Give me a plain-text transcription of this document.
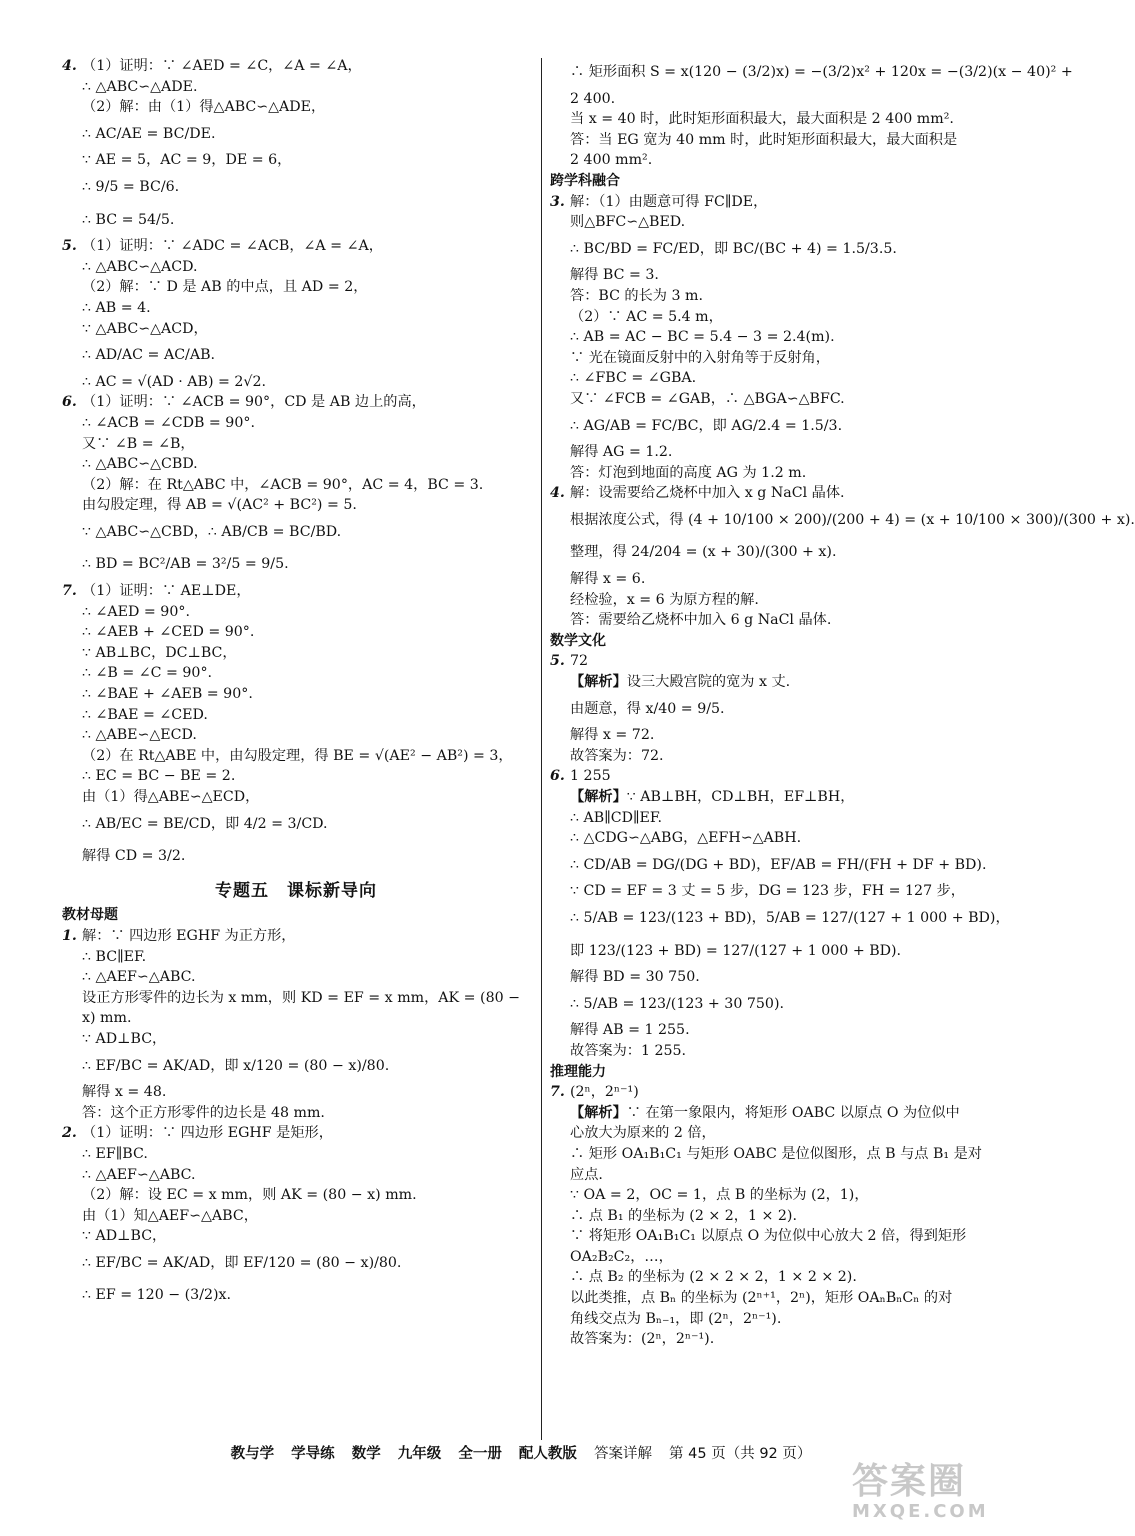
4. （1）证明：∵ ∠AED = ∠C，∠A = ∠A，
∴ △ABC∽△ADE.
（2）解：由（1）得△ABC∽△ADE，
∴ AC/AE = BC/DE.
∵ AE = 5，AC = 9，DE = 6，
∴ 9/5 = BC/6.
∴ BC = 54/5.
5. （1）证明：∵ ∠ADC = ∠ACB，∠A = ∠A，
∴ △ABC∽△ACD.
（2）解：∵ D 是 AB 的中点，且 AD = 2，
∴ AB = 4.
∵ △ABC∽△ACD，
∴ AD/AC = AC/AB.
∴ AC = √(AD · AB) = 2√2.
6. （1）证明：∵ ∠ACB = 90°，CD 是 AB 边上的高，
∴ ∠ACB = ∠CDB = 90°.
又∵ ∠B = ∠B，
∴ △ABC∽△CBD.
（2）解：在 Rt△ABC 中，∠ACB = 90°，AC = 4，BC = 3.
由勾股定理，得 AB = √(AC² + BC²) = 5.
∵ △ABC∽△CBD，∴ AB/CB = BC/BD.
∴ BD = BC²/AB = 3²/5 = 9/5.
7. （1）证明：∵ AE⊥DE，
∴ ∠AED = 90°.
∴ ∠AEB + ∠CED = 90°.
∵ AB⊥BC，DC⊥BC，
∴ ∠B = ∠C = 90°.
∴ ∠BAE + ∠AEB = 90°.
∴ ∠BAE = ∠CED.
∴ △ABE∽△ECD.
（2）在 Rt△ABE 中，由勾股定理，得 BE = √(AE² − AB²) = 3，
∴ EC = BC − BE = 2.
由（1）得△ABE∽△ECD，
∴ AB/EC = BE/CD，即 4/2 = 3/CD.
解得 CD = 3/2.
专题五　课标新导向
教材母题
1. 解：∵ 四边形 EGHF 为正方形，
∴ BC∥EF.
∴ △AEF∽△ABC.
设正方形零件的边长为 x mm，则 KD = EF = x mm，AK = (80 −
x) mm.
∵ AD⊥BC，
∴ EF/BC = AK/AD，即 x/120 = (80 − x)/80.
解得 x = 48.
答：这个正方形零件的边长是 48 mm.
2. （1）证明：∵ 四边形 EGHF 是矩形，
∴ EF∥BC.
∴ △AEF∽△ABC.
（2）解：设 EC = x mm，则 AK = (80 − x) mm.
由（1）知△AEF∽△ABC，
∵ AD⊥BC，
∴ EF/BC = AK/AD，即 EF/120 = (80 − x)/80.
∴ EF = 120 − (3/2)x.
∴ 矩形面积 S = x(120 − (3/2)x) = −(3/2)x² + 120x = −(3/2)(x − 40)² +
2 400.
当 x = 40 时，此时矩形面积最大，最大面积是 2 400 mm².
答：当 EG 宽为 40 mm 时，此时矩形面积最大，最大面积是
2 400 mm².
跨学科融合
3. 解：（1）由题意可得 FC∥DE，
则△BFC∽△BED.
∴ BC/BD = FC/ED，即 BC/(BC + 4) = 1.5/3.5.
解得 BC = 3.
答：BC 的长为 3 m.
（2）∵ AC = 5.4 m，
∴ AB = AC − BC = 5.4 − 3 = 2.4(m).
∵ 光在镜面反射中的入射角等于反射角，
∴ ∠FBC = ∠GBA.
又∵ ∠FCB = ∠GAB，∴ △BGA∽△BFC.
∴ AG/AB = FC/BC，即 AG/2.4 = 1.5/3.
解得 AG = 1.2.
答：灯泡到地面的高度 AG 为 1.2 m.
4. 解：设需要给乙烧杯中加入 x g NaCl 晶体.
根据浓度公式，得 (4 + 10/100 × 200)/(200 + 4) = (x + 10/100 × 300)/(300 + x).
整理，得 24/204 = (x + 30)/(300 + x).
解得 x = 6.
经检验，x = 6 为原方程的解.
答：需要给乙烧杯中加入 6 g NaCl 晶体.
数学文化
5. 72
【解析】设三大殿宫院的宽为 x 丈.
由题意，得 x/40 = 9/5.
解得 x = 72.
故答案为：72.
6. 1 255
【解析】∵ AB⊥BH，CD⊥BH，EF⊥BH，
∴ AB∥CD∥EF.
∴ △CDG∽△ABG，△EFH∽△ABH.
∴ CD/AB = DG/(DG + BD)，EF/AB = FH/(FH + DF + BD).
∵ CD = EF = 3 丈 = 5 步，DG = 123 步，FH = 127 步，
∴ 5/AB = 123/(123 + BD)，5/AB = 127/(127 + 1 000 + BD)，
即 123/(123 + BD) = 127/(127 + 1 000 + BD).
解得 BD = 30 750.
∴ 5/AB = 123/(123 + 30 750).
解得 AB = 1 255.
故答案为：1 255.
推理能力
7. (2ⁿ，2ⁿ⁻¹)
【解析】∵ 在第一象限内，将矩形 OABC 以原点 O 为位似中
心放大为原来的 2 倍，
∴ 矩形 OA₁B₁C₁ 与矩形 OABC 是位似图形，点 B 与点 B₁ 是对
应点.
∵ OA = 2，OC = 1，点 B 的坐标为 (2，1)，
∴ 点 B₁ 的坐标为 (2 × 2，1 × 2).
∵ 将矩形 OA₁B₁C₁ 以原点 O 为位似中心放大 2 倍，得到矩形
OA₂B₂C₂，…，
∴ 点 B₂ 的坐标为 (2 × 2 × 2，1 × 2 × 2).
以此类推，点 Bₙ 的坐标为 (2ⁿ⁺¹，2ⁿ)，矩形 OAₙBₙCₙ 的对
角线交点为 Bₙ₋₁，即 (2ⁿ，2ⁿ⁻¹).
故答案为：(2ⁿ，2ⁿ⁻¹).
教与学 学导练 数学 九年级 全一册 配人教版 答案详解 第 45 页（共 92 页）
答案圈
MXQE.COM
